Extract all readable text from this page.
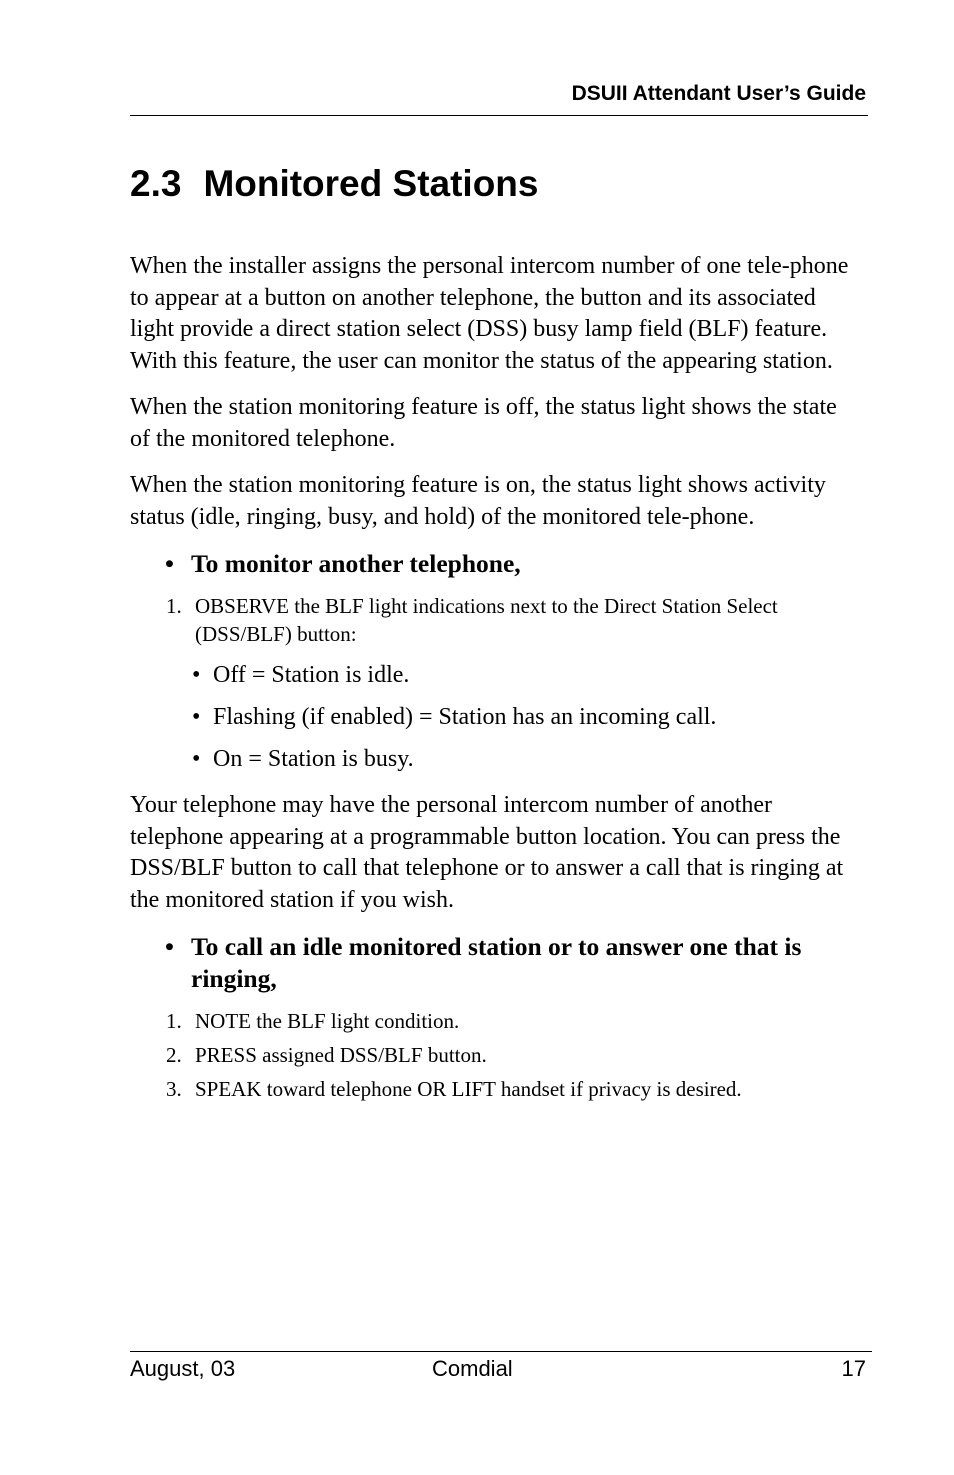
DSUII Attendant User’s Guide
2.3 Monitored Stations

When the installer assigns the personal intercom number of one tele-phone to appear at a button on another telephone, the button and its associated light provide a direct station select (DSS) busy lamp field (BLF) feature. With this feature, the user can monitor the status of the appearing station.

When the station monitoring feature is off, the status light shows the state of the monitored telephone.

When the station monitoring feature is on, the status light shows activity status (idle, ringing, busy, and hold) of the monitored tele-phone.

• To monitor another telephone,
1. OBSERVE the BLF light indications next to the Direct Station Select (DSS/BLF) button:
• Off = Station is idle.
• Flashing (if enabled) = Station has an incoming call.
• On = Station is busy.

Your telephone may have the personal intercom number of another telephone appearing at a programmable button location. You can press the DSS/BLF button to call that telephone or to answer a call that is ringing at the monitored station if you wish.

• To call an idle monitored station or to answer one that is ringing,
1. NOTE the BLF light condition.
2. PRESS assigned DSS/BLF button.
3. SPEAK toward telephone OR LIFT handset if privacy is desired.
August, 03	Comdial	17
